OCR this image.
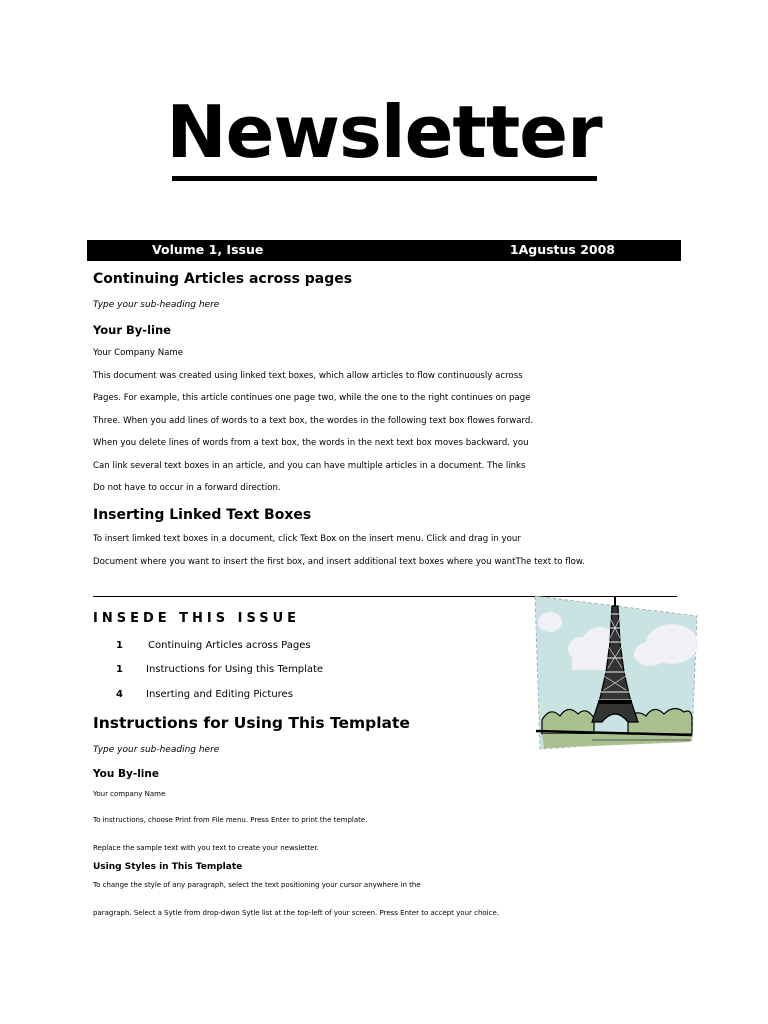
Newsletter
Volume 1, Issue	1Agustus 2008
Continuing Articles across pages
Type your sub-heading here
Your By-line
Your Company Name
This document was created using linked text boxes, which allow articles to flow continuously across
Pages. For example, this article continues one page two, while the one to the right continues on page
Three. When you add lines of words to a text box, the wordes in the following text box flowes forward.
When you delete lines of words from a text box, the words in the next text box moves backward. you
Can link several text boxes in an article, and you can have multiple articles in a document. The links
Do not have to occur in a forward direction.
Inserting Linked Text Boxes
To insert limked text boxes in a document, click Text Box on the insert menu. Click and drag in your
Document where you want to insert the first box, and insert additional text boxes where you wantThe text to flow.
INSEDE THIS ISSUE
1	Continuing Articles across Pages
1 Instructions for Using this Template
4 Inserting and Editing Pictures
Instructions for Using This Template
Type your sub-heading here
You By-line
Your company Name
To instructions, choose Print from File menu. Press Enter to print the template.
Replace the sample text with you text to create your newsletter.
Using Styles in This Template
To change the style of any paragraph, select the text positioning your cursor anywhere in the
paragraph. Select a Sytle from drop-dwon Sytle list at the top-left of your screen. Press Enter to accept your choice.
